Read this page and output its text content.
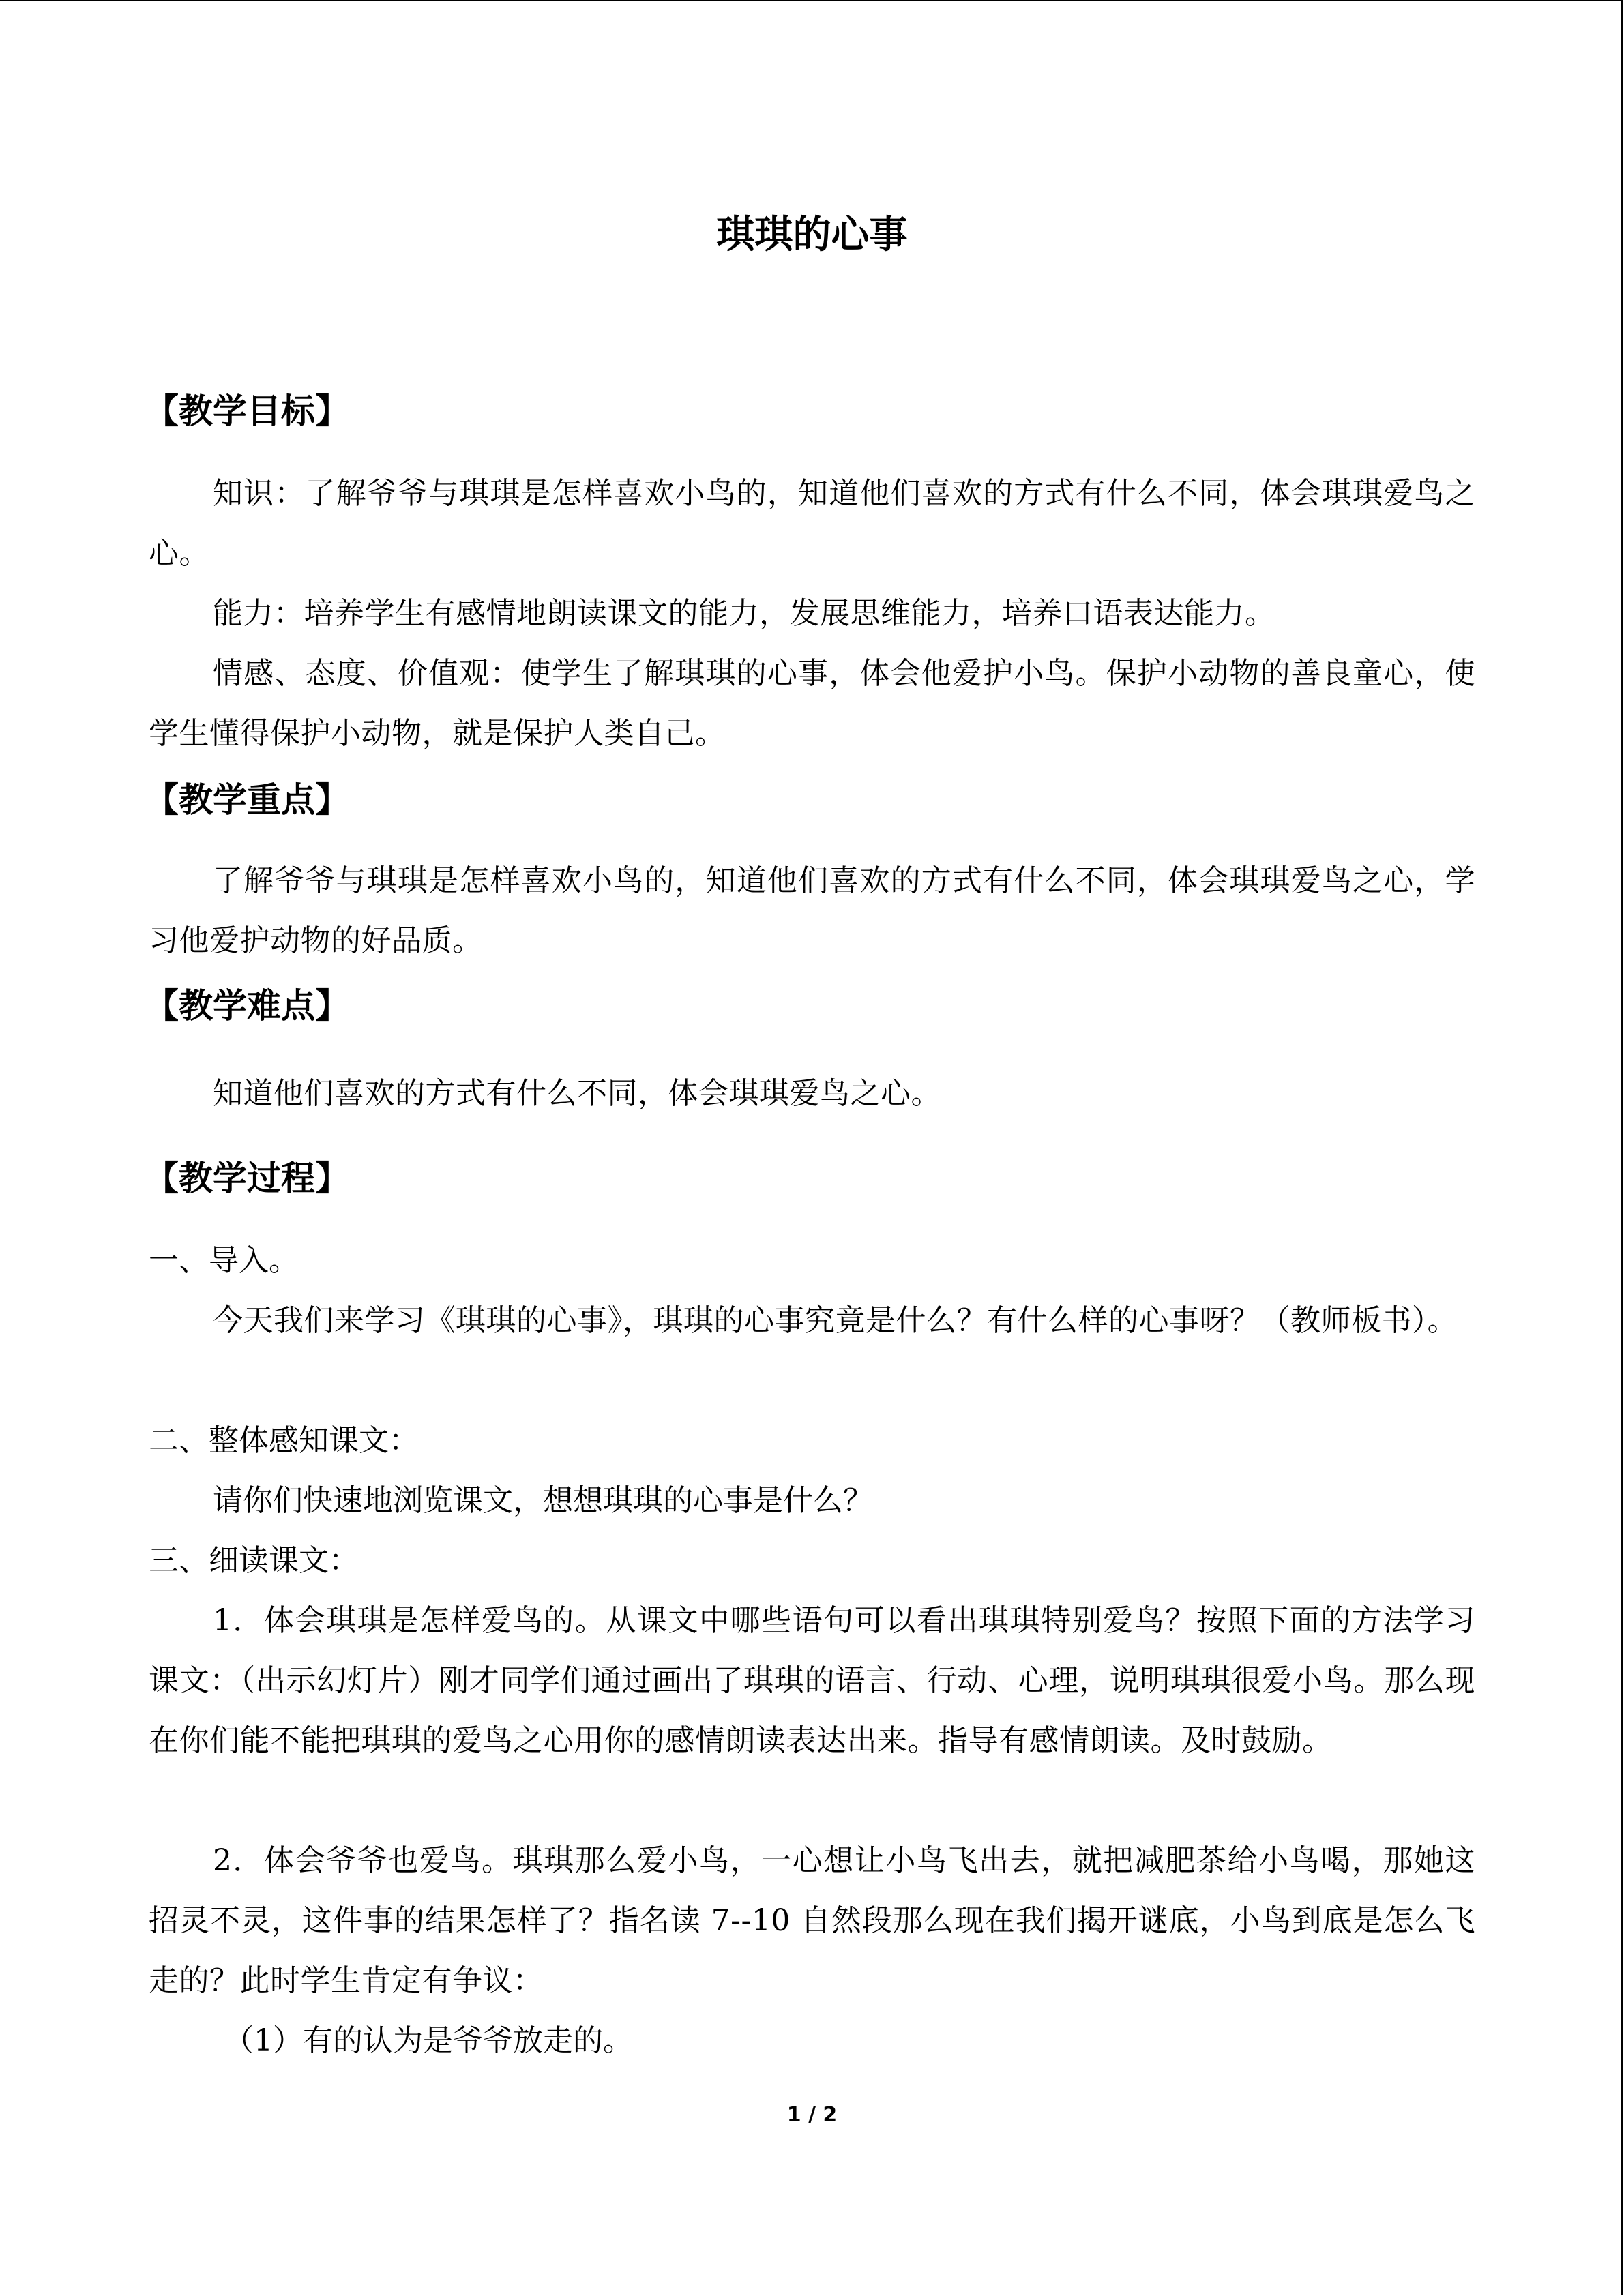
琪琪的心事
【教学目标】

知识：了解爷爷与琪琪是怎样喜欢小鸟的，知道他们喜欢的方式有什么不同，体会琪琪爱鸟之心。

能力：培养学生有感情地朗读课文的能力，发展思维能力，培养口语表达能力。

情感、态度、价值观：使学生了解琪琪的心事，体会他爱护小鸟。保护小动物的善良童心，使学生懂得保护小动物，就是保护人类自己。

【教学重点】

了解爷爷与琪琪是怎样喜欢小鸟的，知道他们喜欢的方式有什么不同，体会琪琪爱鸟之心，学习他爱护动物的好品质。

【教学难点】

知道他们喜欢的方式有什么不同，体会琪琪爱鸟之心。

【教学过程】

一、导入。

今天我们来学习《琪琪的心事》，琪琪的心事究竟是什么？有什么样的心事呀？（教师板书）。

二、整体感知课文：

请你们快速地浏览课文，想想琪琪的心事是什么？

三、细读课文：

1．体会琪琪是怎样爱鸟的。从课文中哪些语句可以看出琪琪特别爱鸟？按照下面的方法学习课文：（出示幻灯片）刚才同学们通过画出了琪琪的语言、行动、心理，说明琪琪很爱小鸟。那么现在你们能不能把琪琪的爱鸟之心用你的感情朗读表达出来。指导有感情朗读。及时鼓励。

2．体会爷爷也爱鸟。琪琪那么爱小鸟，一心想让小鸟飞出去，就把减肥茶给小鸟喝，那她这招灵不灵，这件事的结果怎样了？指名读 7--10 自然段那么现在我们揭开谜底，小鸟到底是怎么飞走的？此时学生肯定有争议：

（1）有的认为是爷爷放走的。

1 / 2
